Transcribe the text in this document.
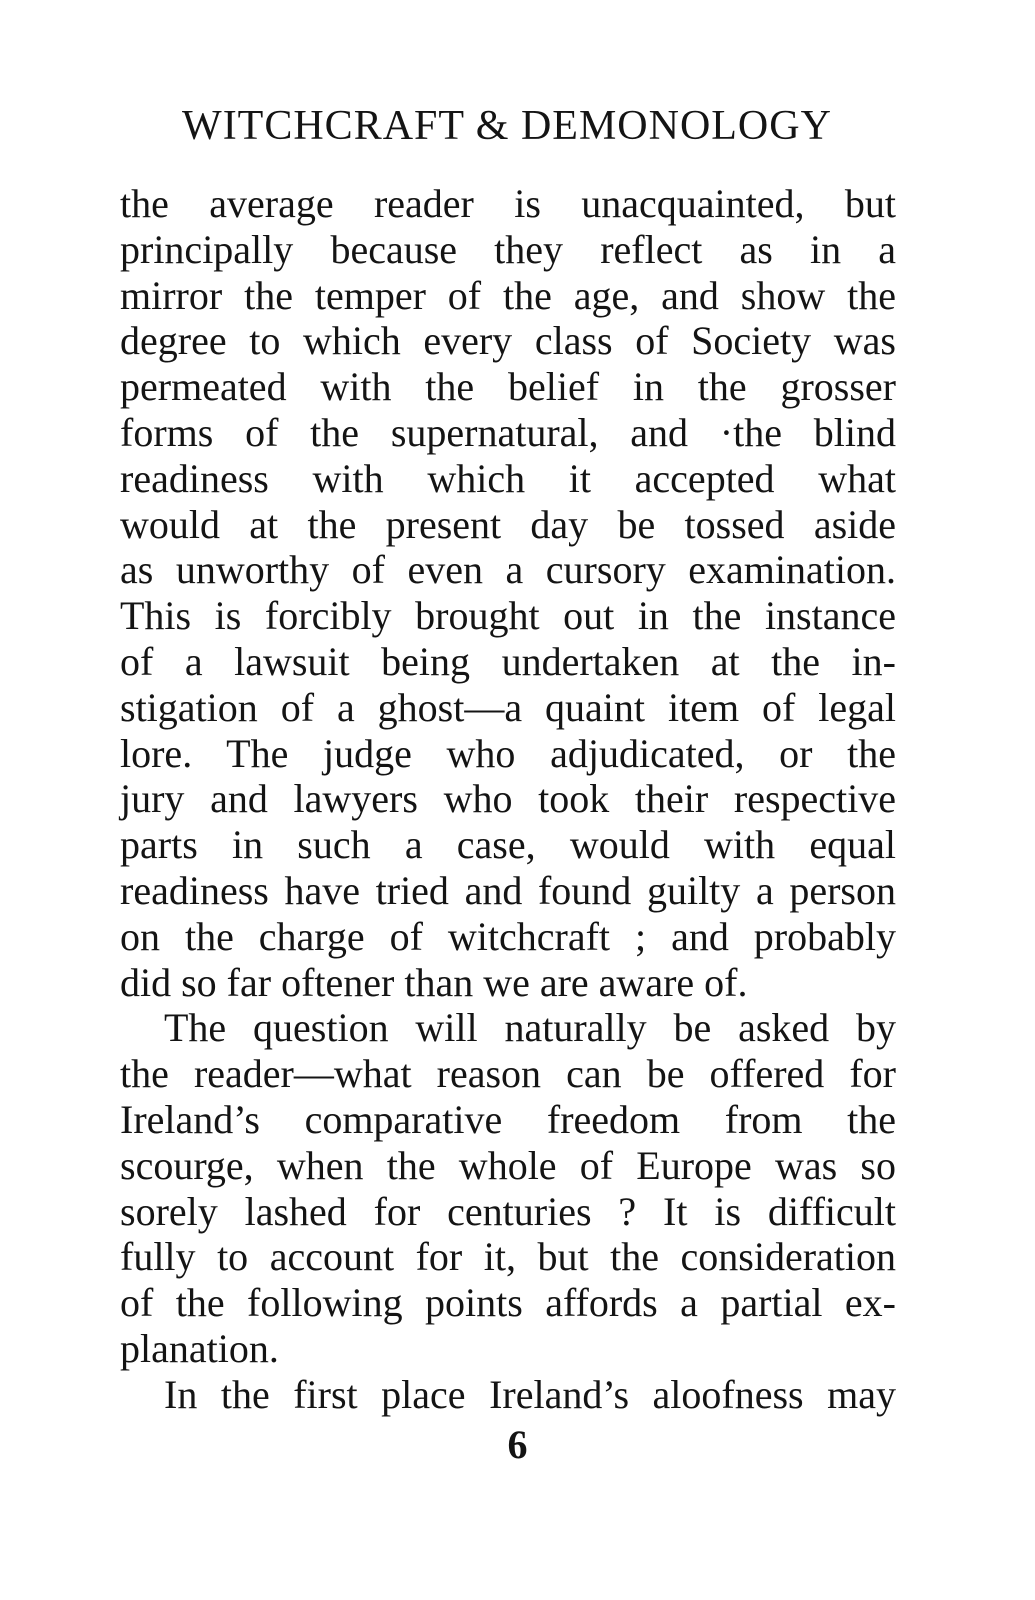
WITCHCRAFT & DEMONOLOGY
the average reader is unacquainted, but
principally because they reflect as in a
mirror the temper of the age, and show the
degree to which every class of Society was
permeated with the belief in the grosser
forms of the supernatural, and ·the blind
readiness with which it accepted what
would at the present day be tossed aside
as unworthy of even a cursory examination.
This is forcibly brought out in the instance
of a lawsuit being undertaken at the in-
stigation of a ghost—a quaint item of legal
lore. The judge who adjudicated, or the
jury and lawyers who took their respective
parts in such a case, would with equal
readiness have tried and found guilty a person
on the charge of witchcraft ; and probably
did so far oftener than we are aware of.
The question will naturally be asked by
the reader—what reason can be offered for
Ireland’s comparative freedom from the
scourge, when the whole of Europe was so
sorely lashed for centuries ? It is difficult
fully to account for it, but the consideration
of the following points affords a partial ex-
planation.
In the first place Ireland’s aloofness may
6
